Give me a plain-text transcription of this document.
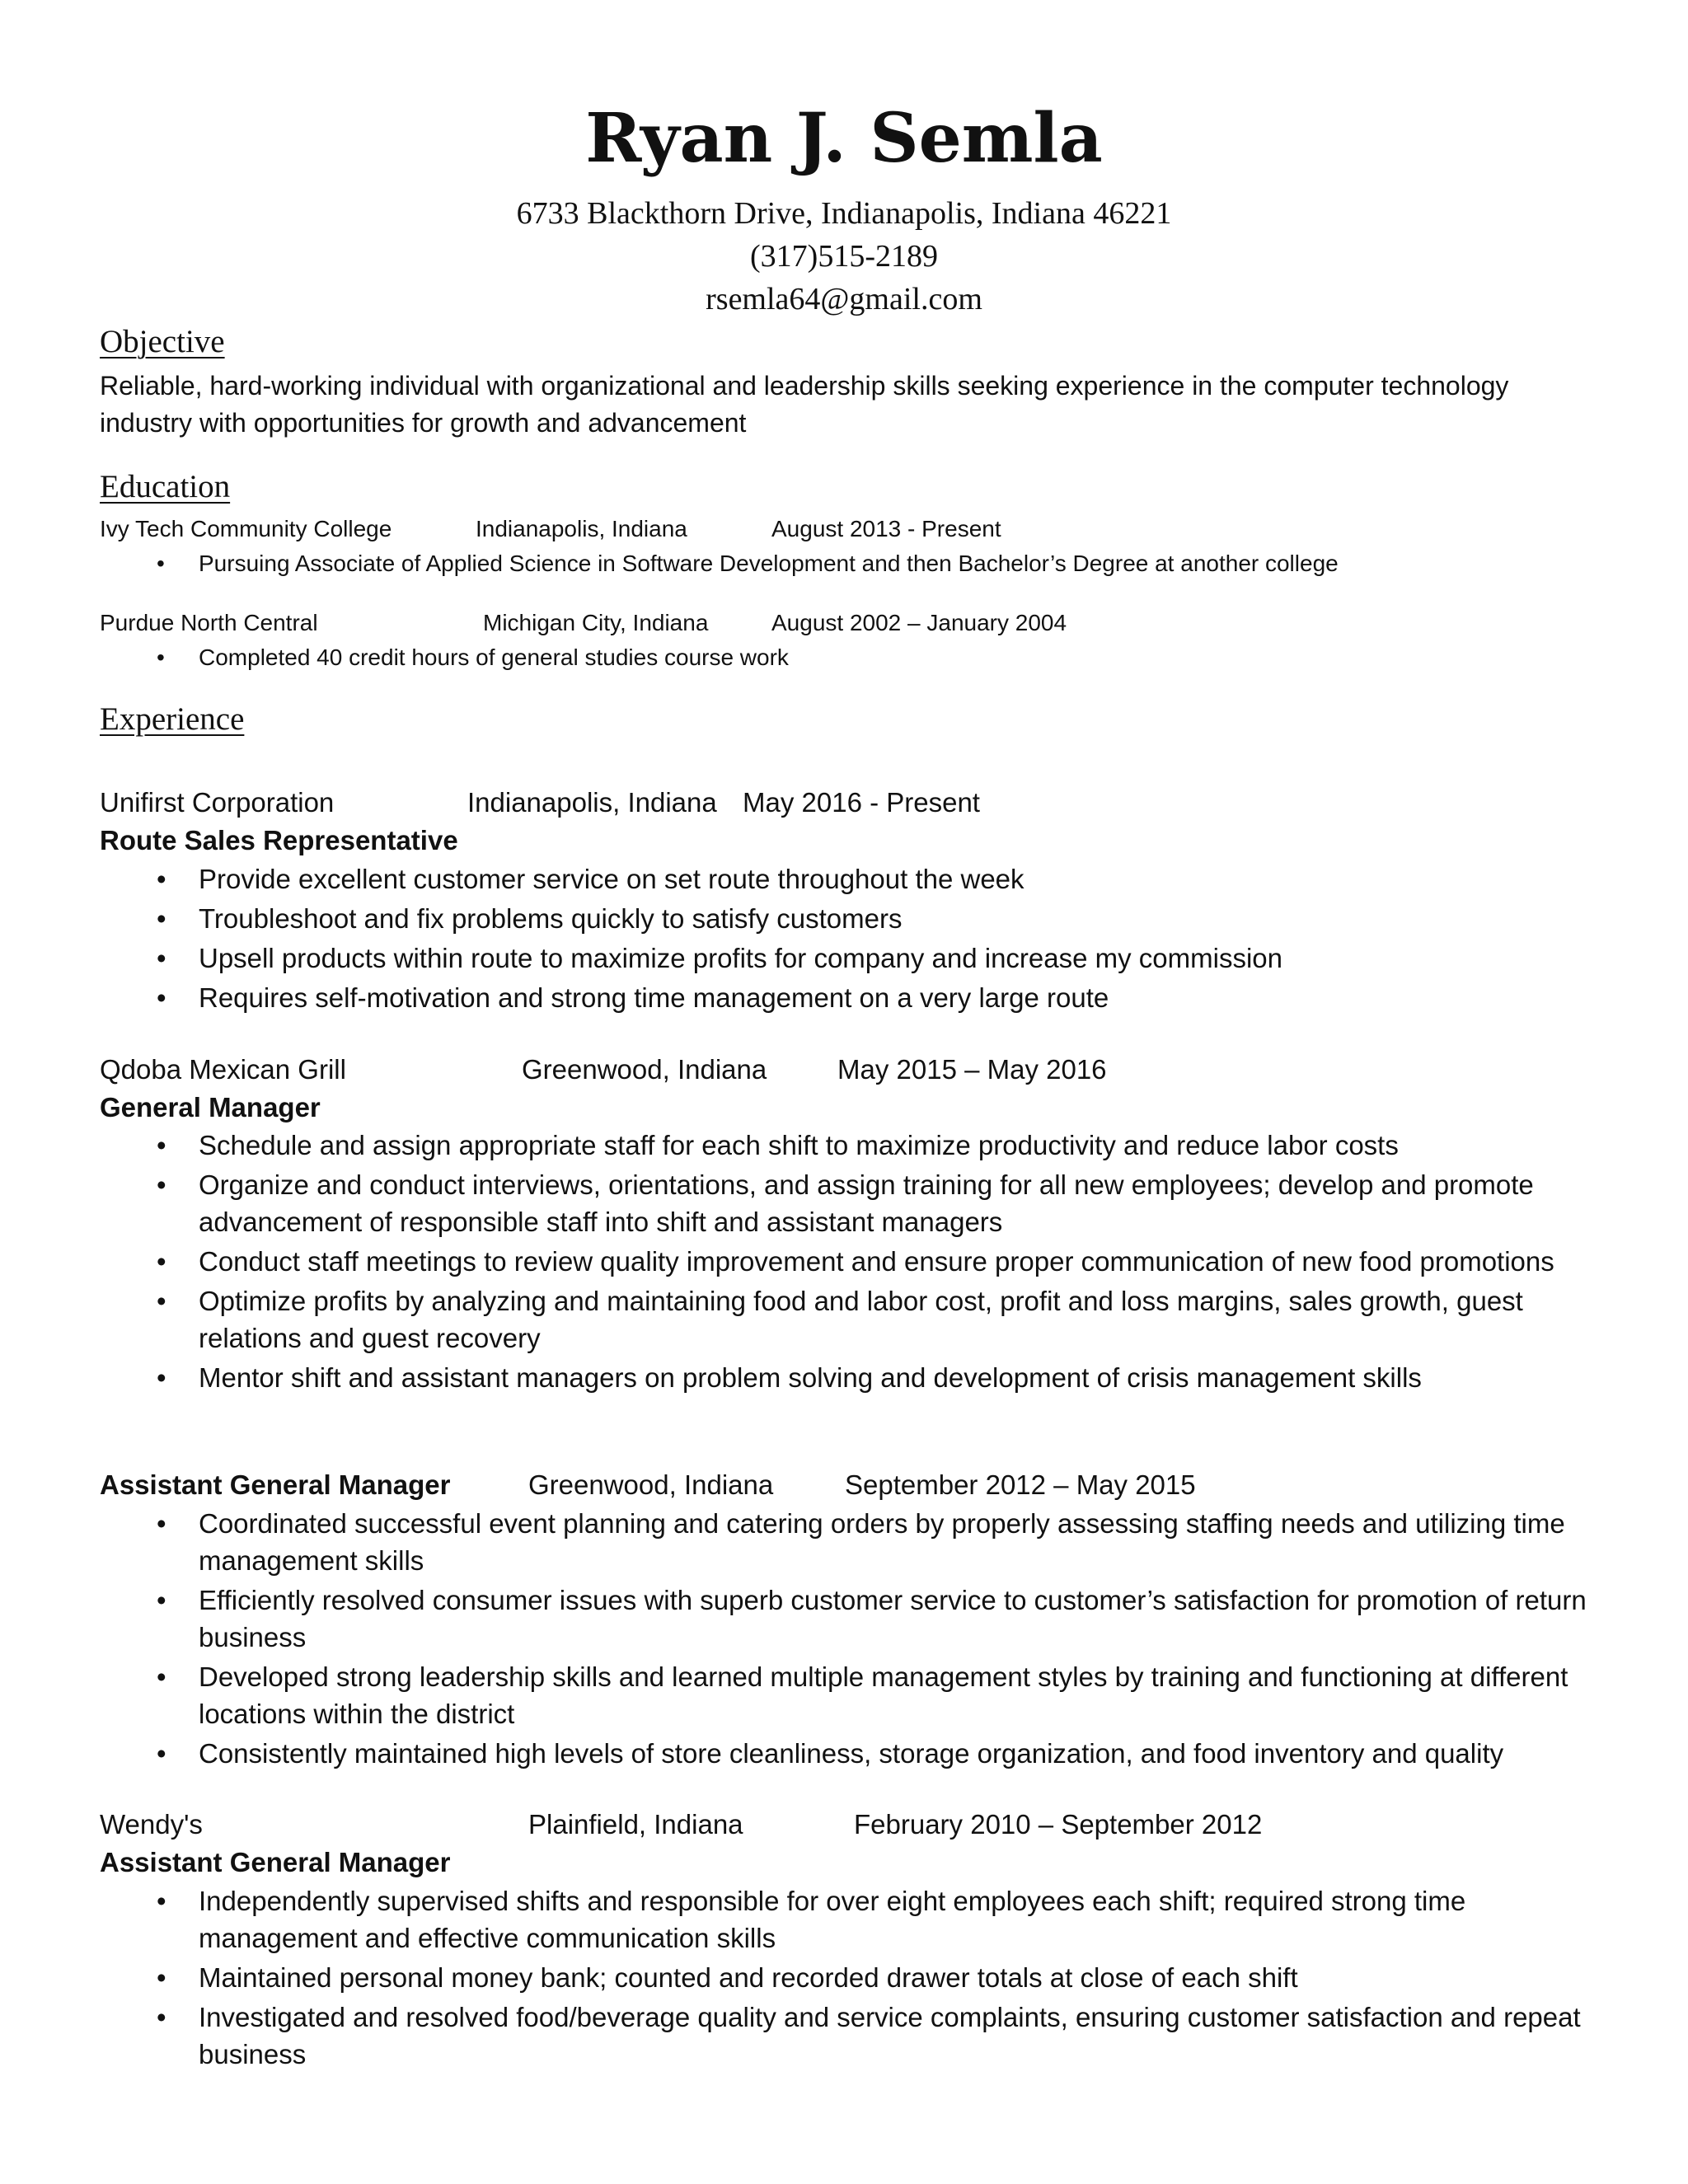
Ryan J. Semla
6733 Blackthorn Drive, Indianapolis, Indiana 46221
(317)515-2189
rsemla64@gmail.com
Objective

Reliable, hard-working individual with organizational and leadership skills seeking experience in the computer technology industry with opportunities for growth and advancement

Education
Ivy Tech Community College	Indianapolis, Indiana	August 2013 - Present
• Pursuing Associate of Applied Science in Software Development and then Bachelor’s Degree at another college
Purdue North Central	Michigan City, Indiana	August 2002 – January 2004
• Completed 40 credit hours of general studies course work
Experience
Unifirst Corporation	Indianapolis, Indiana May 2016 - Present
Route Sales Representative
• Provide excellent customer service on set route throughout the week
• Troubleshoot and fix problems quickly to satisfy customers
• Upsell products within route to maximize profits for company and increase my commission
• Requires self-motivation and strong time management on a very large route
Qdoba Mexican Grill	Greenwood, Indiana	May 2015 – May 2016
General Manager
• Schedule and assign appropriate staff for each shift to maximize productivity and reduce labor costs
• Organize and conduct interviews, orientations, and assign training for all new employees; develop and promote advancement of responsible staff into shift and assistant managers
• Conduct staff meetings to review quality improvement and ensure proper communication of new food promotions
• Optimize profits by analyzing and maintaining food and labor cost, profit and loss margins, sales growth, guest relations and guest recovery
• Mentor shift and assistant managers on problem solving and development of crisis management skills
Assistant General Manager	Greenwood, Indiana	September 2012 – May 2015
• Coordinated successful event planning and catering orders by properly assessing staffing needs and utilizing time management skills
• Efficiently resolved consumer issues with superb customer service to customer’s satisfaction for promotion of return business
• Developed strong leadership skills and learned multiple management styles by training and functioning at different locations within the district
• Consistently maintained high levels of store cleanliness, storage organization, and food inventory and quality
Wendy's	Plainfield, Indiana	February 2010 – September 2012
Assistant General Manager
• Independently supervised shifts and responsible for over eight employees each shift; required strong time management and effective communication skills
• Maintained personal money bank; counted and recorded drawer totals at close of each shift
• Investigated and resolved food/beverage quality and service complaints, ensuring customer satisfaction and repeat business
